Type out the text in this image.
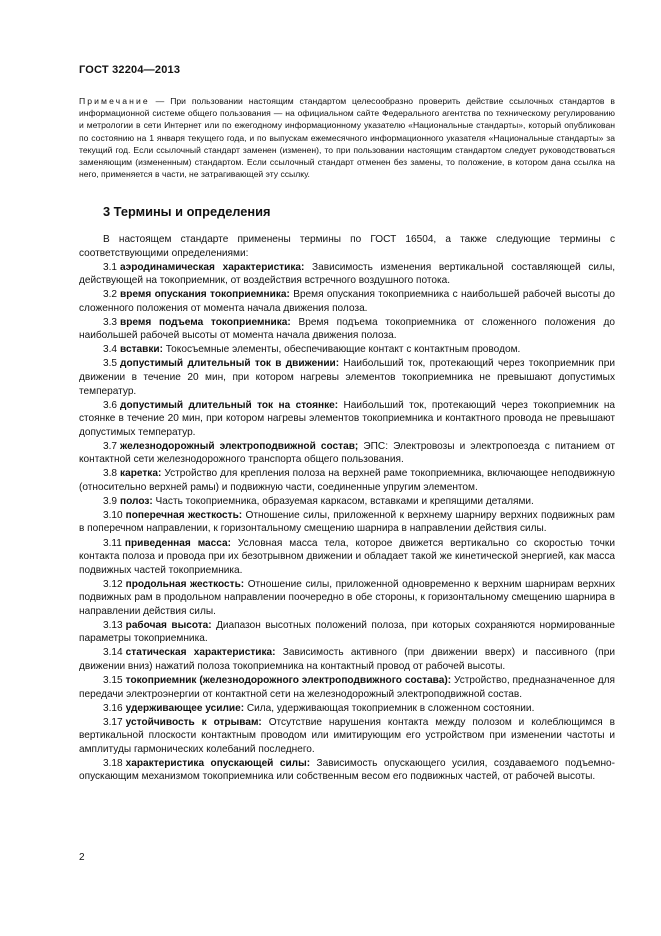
ГОСТ 32204—2013
Примечание — При пользовании настоящим стандартом целесообразно проверить действие ссылочных стандартов в информационной системе общего пользования — на официальном сайте Федерального агентства по техническому регулированию и метрологии в сети Интернет или по ежегодному информационному указателю «Национальные стандарты», который опубликован по состоянию на 1 января текущего года, и по выпускам ежемесячного информационного указателя «Национальные стандарты» за текущий год. Если ссылочный стандарт заменен (изменен), то при пользовании настоящим стандартом следует руководствоваться заменяющим (измененным) стандартом. Если ссылочный стандарт отменен без замены, то положение, в котором дана ссылка на него, применяется в части, не затрагивающей эту ссылку.
3 Термины и определения

В настоящем стандарте применены термины по ГОСТ 16504, а также следующие термины с соответствующими определениями:

3.1 аэродинамическая характеристика: Зависимость изменения вертикальной составляющей силы, действующей на токоприемник, от воздействия встречного воздушного потока.

3.2 время опускания токоприемника: Время опускания токоприемника с наибольшей рабочей высоты до сложенного положения от момента начала движения полоза.

3.3 время подъема токоприемника: Время подъема токоприемника от сложенного положения до наибольшей рабочей высоты от момента начала движения полоза.

3.4 вставки: Токосъемные элементы, обеспечивающие контакт с контактным проводом.

3.5 допустимый длительный ток в движении: Наибольший ток, протекающий через токоприемник при движении в течение 20 мин, при котором нагревы элементов токоприемника не превышают допустимых температур.

3.6 допустимый длительный ток на стоянке: Наибольший ток, протекающий через токоприемник на стоянке в течение 20 мин, при котором нагревы элементов токоприемника и контактного провода не превышают допустимых температур.

3.7 железнодорожный электроподвижной состав; ЭПС: Электровозы и электропоезда с питанием от контактной сети железнодорожного транспорта общего пользования.

3.8 каретка: Устройство для крепления полоза на верхней раме токоприемника, включающее неподвижную (относительно верхней рамы) и подвижную части, соединенные упругим элементом.

3.9 полоз: Часть токоприемника, образуемая каркасом, вставками и крепящими деталями.

3.10 поперечная жесткость: Отношение силы, приложенной к верхнему шарниру верхних подвижных рам в поперечном направлении, к горизонтальному смещению шарнира в направлении действия силы.

3.11 приведенная масса: Условная масса тела, которое движется вертикально со скоростью точки контакта полоза и провода при их безотрывном движении и обладает такой же кинетической энергией, как масса подвижных частей токоприемника.

3.12 продольная жесткость: Отношение силы, приложенной одновременно к верхним шарнирам верхних подвижных рам в продольном направлении поочередно в обе стороны, к горизонтальному смещению шарнира в направлении действия силы.

3.13 рабочая высота: Диапазон высотных положений полоза, при которых сохраняются нормированные параметры токоприемника.

3.14 статическая характеристика: Зависимость активного (при движении вверх) и пассивного (при движении вниз) нажатий полоза токоприемника на контактный провод от рабочей высоты.

3.15 токоприемник (железнодорожного электроподвижного состава): Устройство, предназначенное для передачи электроэнергии от контактной сети на железнодорожный электроподвижной состав.

3.16 удерживающее усилие: Сила, удерживающая токоприемник в сложенном состоянии.

3.17 устойчивость к отрывам: Отсутствие нарушения контакта между полозом и колеблющимся в вертикальной плоскости контактным проводом или имитирующим его устройством при изменении частоты и амплитуды гармонических колебаний последнего.

3.18 характеристика опускающей силы: Зависимость опускающего усилия, создаваемого подъемно-опускающим механизмом токоприемника или собственным весом его подвижных частей, от рабочей высоты.

2
